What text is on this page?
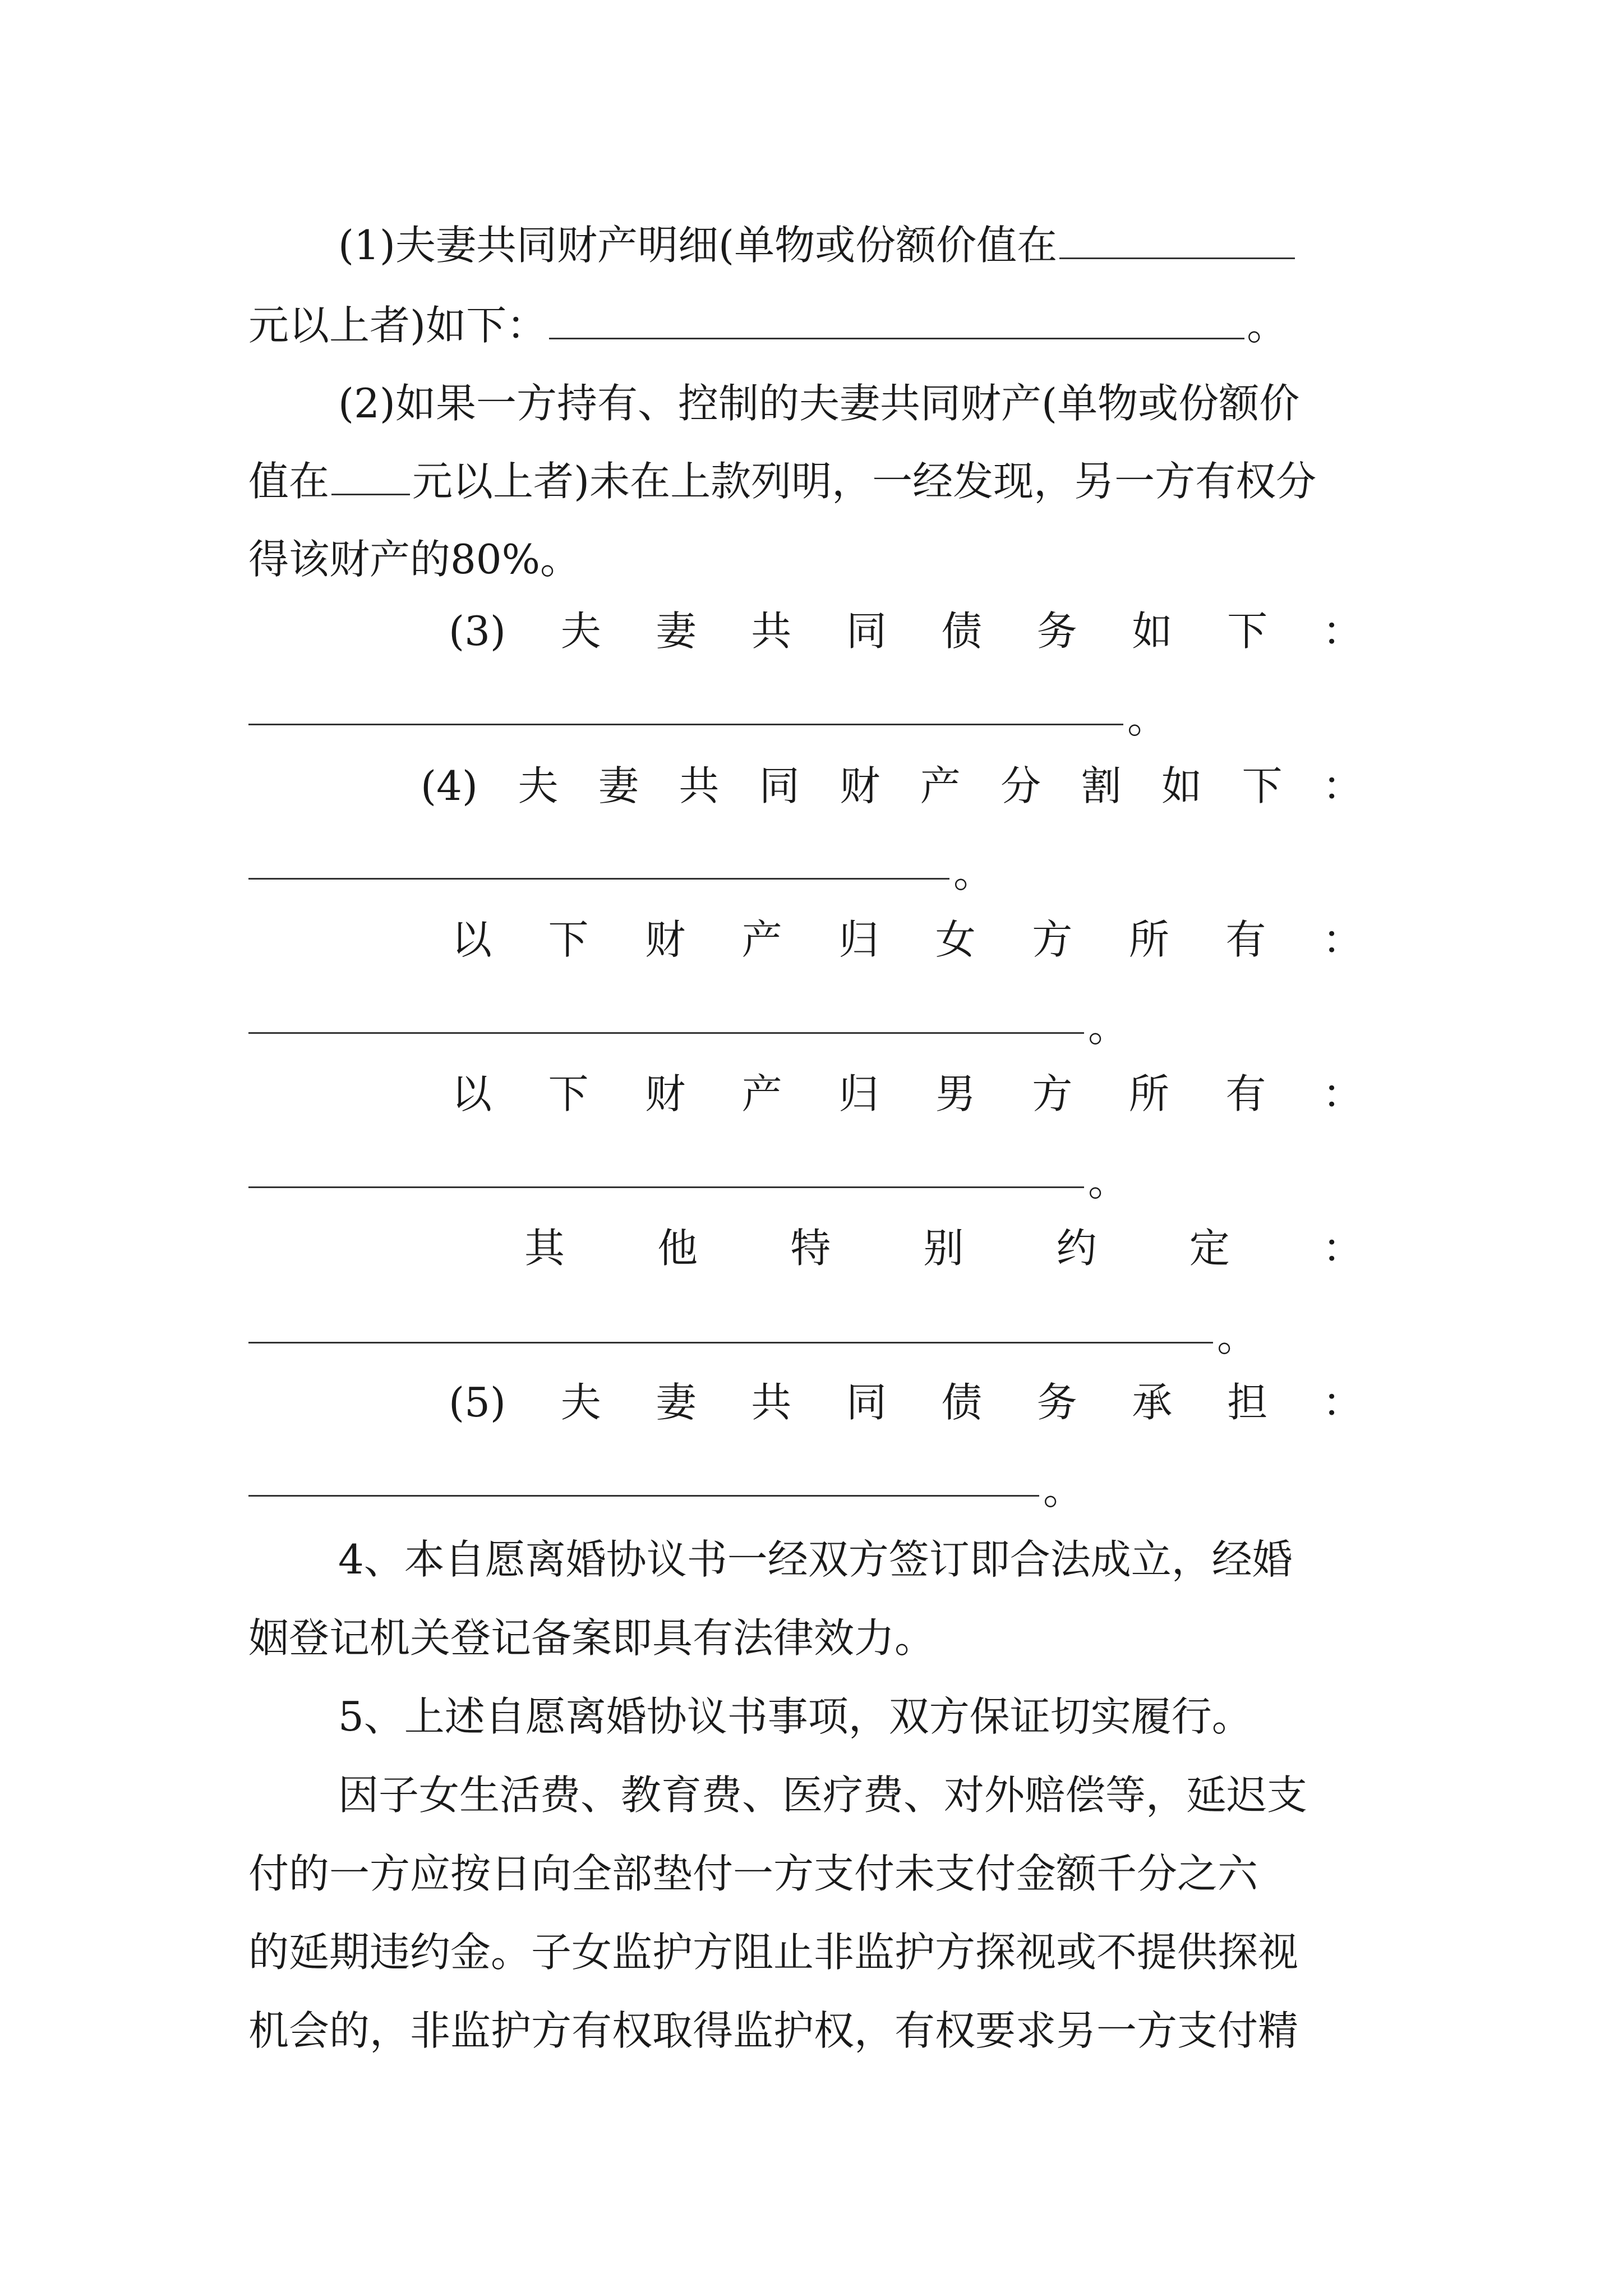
(1)夫妻共同财产明细(单物或份额价值在
元以上者)如下：	。
(2)如果一方持有、控制的夫妻共同财产(单物或份额价
值在 元以上者)未在上款列明，一经发现，另一方有权分
得该财产的80%。
(3) 夫 妻 共 同 债 务 如 下 ：
。
(4) 夫 妻 共 同 财 产 分 割 如 下 ：
。
以 下 财 产 归 女 方 所 有 ：
。
以 下 财 产 归 男 方 所 有 ：
。
其 他 特 别 约 定 ：
。
(5) 夫 妻 共 同 债 务 承 担 ：
。
4、本自愿离婚协议书一经双方签订即合法成立，经婚
姻登记机关登记备案即具有法律效力。
5、上述自愿离婚协议书事项，双方保证切实履行。
因子女生活费、教育费、医疗费、对外赔偿等，延迟支
付的一方应按日向全部垫付一方支付未支付金额千分之六
的延期违约金。子女监护方阻止非监护方探视或不提供探视
机会的，非监护方有权取得监护权，有权要求另一方支付精
